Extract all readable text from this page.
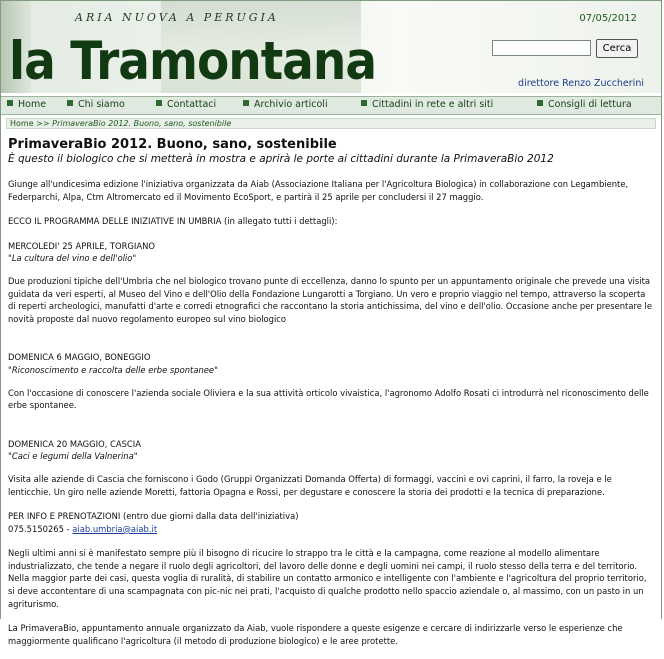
ARIA NUOVA A PERUGIA
la Tramontana
07/05/2012
Cerca
direttore Renzo Zuccherini
Home	Chi siamo	Contattaci	Archivio articoli	Cittadini in rete e altri siti	Consigli di lettura
Home >> PrimaveraBio 2012. Buono, sano, sostenibile
PrimaveraBio 2012. Buono, sano, sostenibile

È questo il biologico che si metterà in mostra e aprirà le porte ai cittadini durante la PrimaveraBio 2012

Giunge all'undicesima edizione l'iniziativa organizzata da Aiab (Associazione Italiana per l'Agricoltura Biologica) in collaborazione con Legambiente, Federparchi, Alpa, Ctm Altromercato ed il Movimento EcoSport, e partirà il 25 aprile per concludersi il 27 maggio.

ECCO IL PROGRAMMA DELLE INIZIATIVE IN UMBRIA (in allegato tutti i dettagli):

MERCOLEDI' 25 APRILE, TORGIANO

"La cultura del vino e dell'olio"

Due produzioni tipiche dell'Umbria che nel biologico trovano punte di eccellenza, danno lo spunto per un appuntamento originale che prevede una visita guidata da veri esperti, al Museo del Vino e dell'Olio della Fondazione Lungarotti a Torgiano. Un vero e proprio viaggio nel tempo, attraverso la scoperta di reperti archeologici, manufatti d'arte e corredi etnografici che raccontano la storia antichissima, del vino e dell'olio. Occasione anche per presentare le novità proposte dal nuovo regolamento europeo sul vino biologico

DOMENICA 6 MAGGIO, BONEGGIO

"Riconoscimento e raccolta delle erbe spontanee"

Con l'occasione di conoscere l'azienda sociale Oliviera e la sua attività orticolo vivaistica, l'agronomo Adolfo Rosati ci introdurrà nel riconoscimento delle erbe spontanee.

DOMENICA 20 MAGGIO, CASCIA

"Caci e legumi della Valnerina"

Visita alle aziende di Cascia che forniscono i Godo (Gruppi Organizzati Domanda Offerta) di formaggi, vaccini e ovi caprini, il farro, la roveja e le lenticchie. Un giro nelle aziende Moretti, fattoria Opagna e Rossi, per degustare e conoscere la storia dei prodotti e la tecnica di preparazione.

PER INFO E PRENOTAZIONI (entro due giorni dalla data dell'iniziativa)

075.5150265 - aiab.umbria@aiab.it

Negli ultimi anni si è manifestato sempre più il bisogno di ricucire lo strappo tra le città e la campagna, come reazione al modello alimentare industrializzato, che tende a negare il ruolo degli agricoltori, del lavoro delle donne e degli uomini nei campi, il ruolo stesso della terra e del territorio. Nella maggior parte dei casi, questa voglia di ruralità, di stabilire un contatto armonico e intelligente con l'ambiente e l'agricoltura del proprio territorio, si deve accontentare di una scampagnata con pic-nic nei prati, l'acquisto di qualche prodotto nello spaccio aziendale o, al massimo, con un pasto in un agriturismo.

La PrimaveraBio, appuntamento annuale organizzato da Aiab, vuole rispondere a queste esigenze e cercare di indirizzarle verso le esperienze che maggiormente qualificano l'agricoltura (il metodo di produzione biologico) e le aree protette.
